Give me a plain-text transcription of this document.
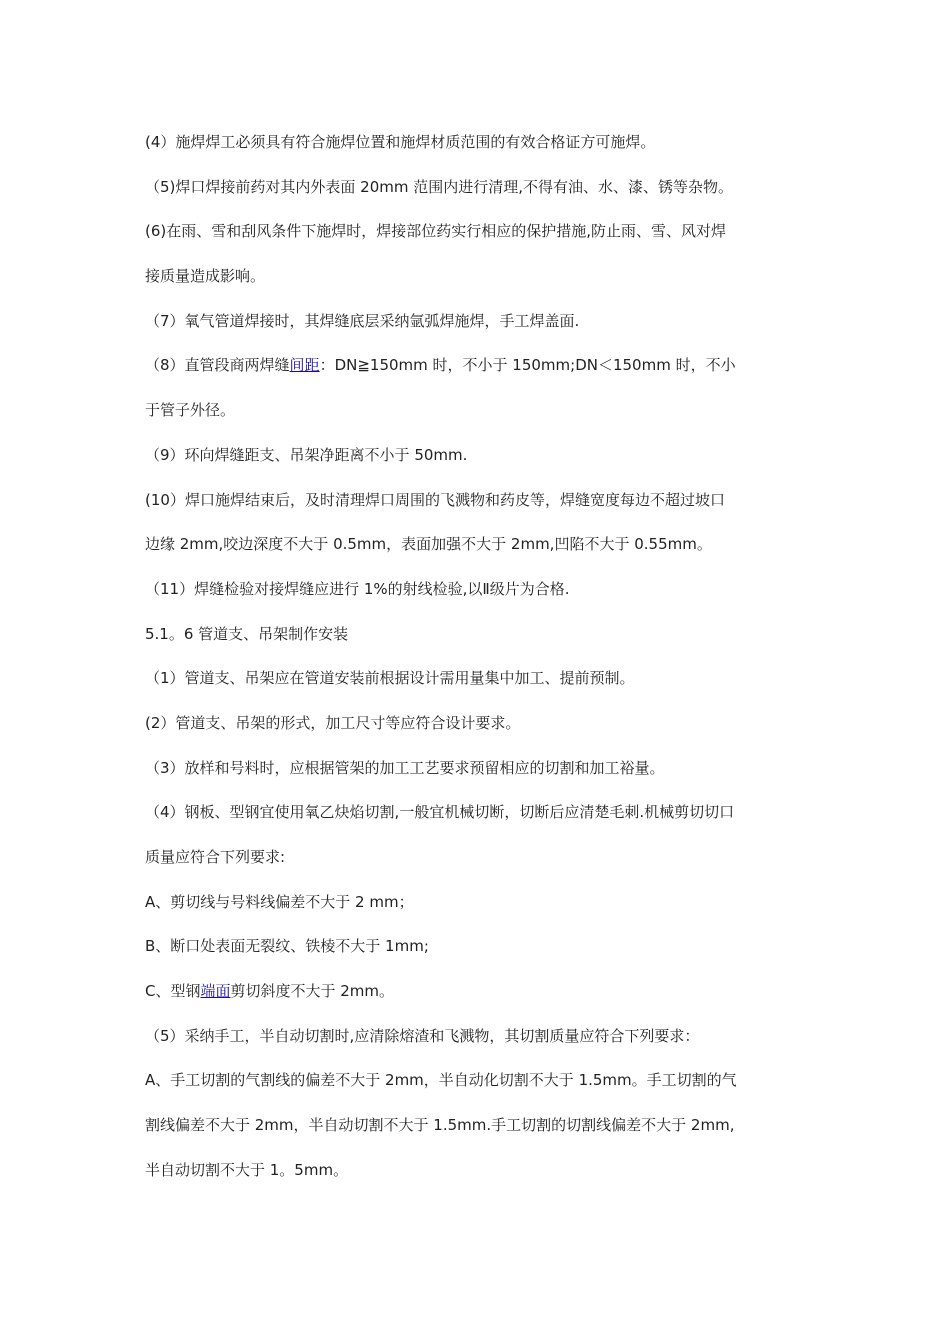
(4）施焊焊工必须具有符合施焊位置和施焊材质范围的有效合格证方可施焊。
（5)焊口焊接前药对其内外表面 20mm 范围内进行清理,不得有油、水、漆、锈等杂物。
(6)在雨、雪和刮风条件下施焊时，焊接部位药实行相应的保护措施,防止雨、雪、风对焊
接质量造成影响。
（7）氧气管道焊接时，其焊缝底层采纳氩弧焊施焊，手工焊盖面.
（8）直管段商两焊缝间距：DN≧150mm 时，不小于 150mm;DN＜150mm 时，不小
于管子外径。
（9）环向焊缝距支、吊架净距离不小于 50mm.
(10）焊口施焊结束后，及时清理焊口周围的飞溅物和药皮等，焊缝宽度每边不超过坡口
边缘 2mm,咬边深度不大于 0.5mm，表面加强不大于 2mm,凹陷不大于 0.55mm。
（11）焊缝检验对接焊缝应进行 1%的射线检验,以Ⅱ级片为合格.
5.1。6 管道支、吊架制作安装
（1）管道支、吊架应在管道安装前根据设计需用量集中加工、提前预制。
(2）管道支、吊架的形式，加工尺寸等应符合设计要求。
（3）放样和号料时，应根据管架的加工工艺要求预留相应的切割和加工裕量。
（4）钢板、型钢宜使用氧乙炔焰切割,一般宜机械切断，切断后应清楚毛刺.机械剪切切口
质量应符合下列要求:
A、剪切线与号料线偏差不大于 2 mm；
B、断口处表面无裂纹、铁棱不大于 1mm;
C、型钢端面剪切斜度不大于 2mm。
（5）采纳手工，半自动切割时,应清除熔渣和飞溅物，其切割质量应符合下列要求：
A、手工切割的气割线的偏差不大于 2mm，半自动化切割不大于 1.5mm。手工切割的气
割线偏差不大于 2mm，半自动切割不大于 1.5mm.手工切割的切割线偏差不大于 2mm,
半自动切割不大于 1。5mm。
